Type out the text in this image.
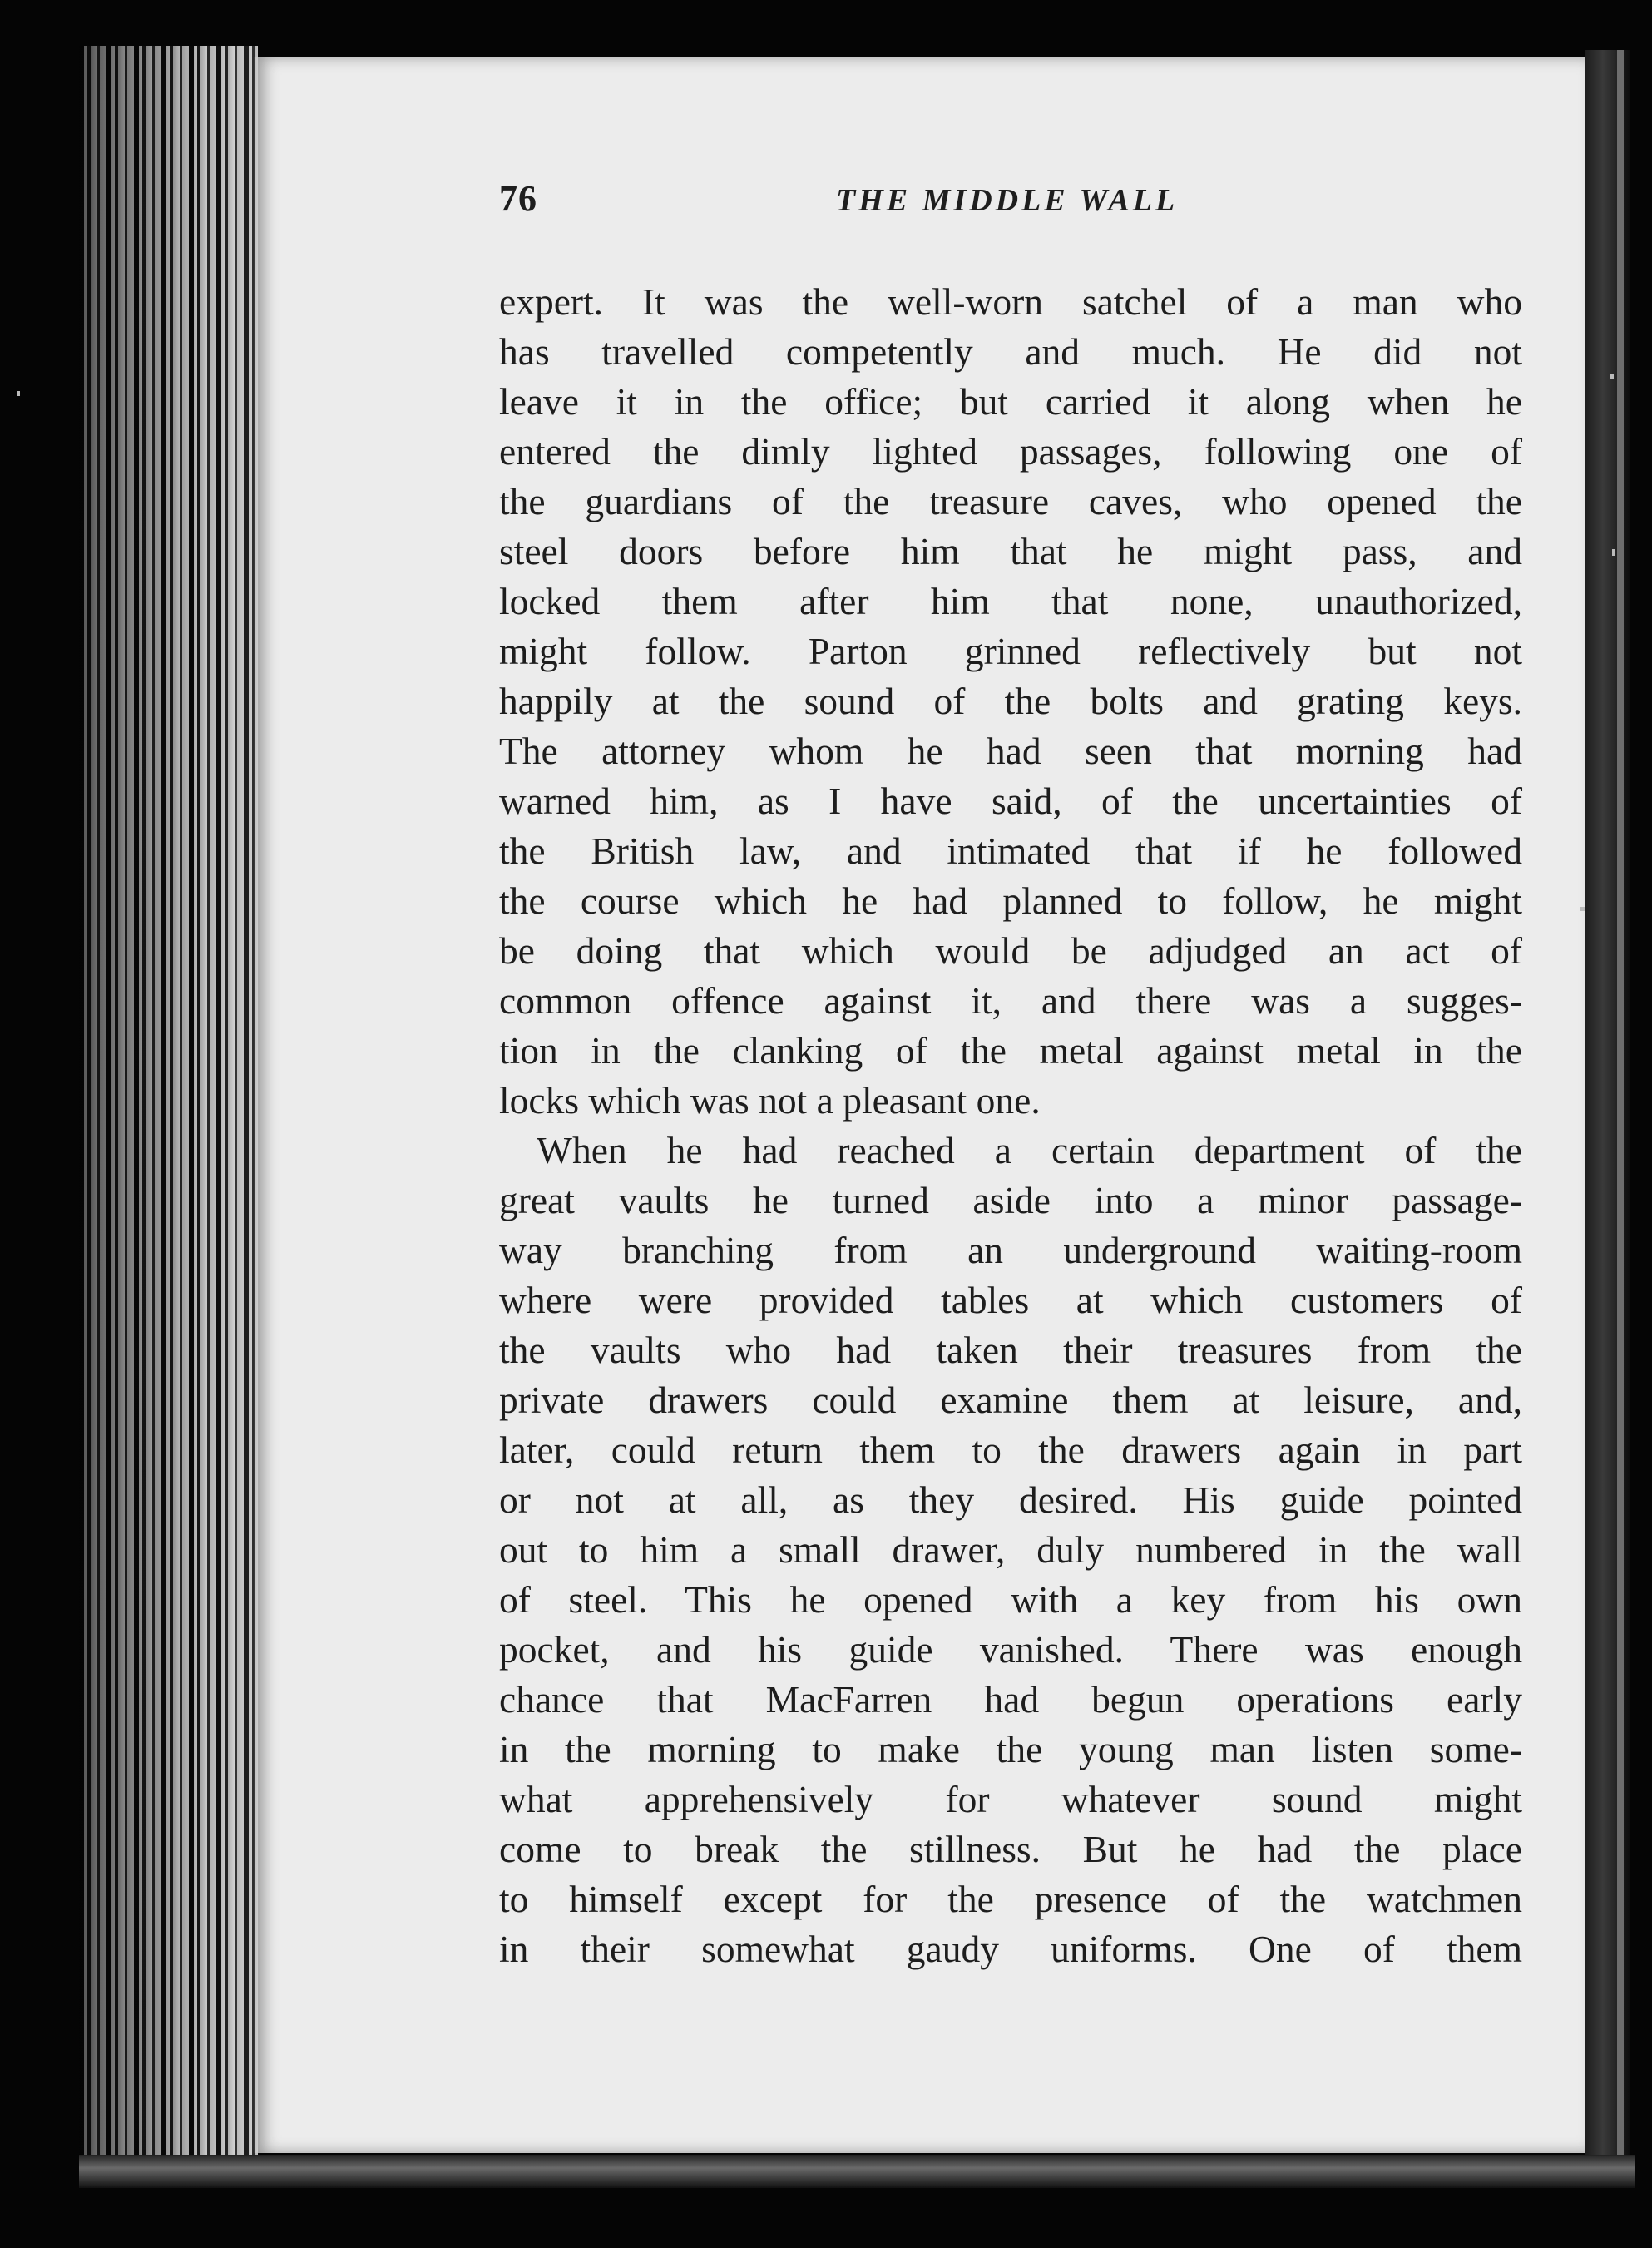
76	THE MIDDLE WALL
expert. It was the well-worn satchel of a man who
has travelled competently and much. He did not
leave it in the office; but carried it along when he
entered the dimly lighted passages, following one of
the guardians of the treasure caves, who opened the
steel doors before him that he might pass, and
locked them after him that none, unauthorized,
might follow. Parton grinned reflectively but not
happily at the sound of the bolts and grating keys.
The attorney whom he had seen that morning had
warned him, as I have said, of the uncertainties of
the British law, and intimated that if he followed
the course which he had planned to follow, he might
be doing that which would be adjudged an act of
common offence against it, and there was a sugges-
tion in the clanking of the metal against metal in the
locks which was not a pleasant one.
When he had reached a certain department of the
great vaults he turned aside into a minor passage-
way branching from an underground waiting-room
where were provided tables at which customers of
the vaults who had taken their treasures from the
private drawers could examine them at leisure, and,
later, could return them to the drawers again in part
or not at all, as they desired. His guide pointed
out to him a small drawer, duly numbered in the wall
of steel. This he opened with a key from his own
pocket, and his guide vanished. There was enough
chance that MacFarren had begun operations early
in the morning to make the young man listen some-
what apprehensively for whatever sound might
come to break the stillness. But he had the place
to himself except for the presence of the watchmen
in their somewhat gaudy uniforms. One of them
